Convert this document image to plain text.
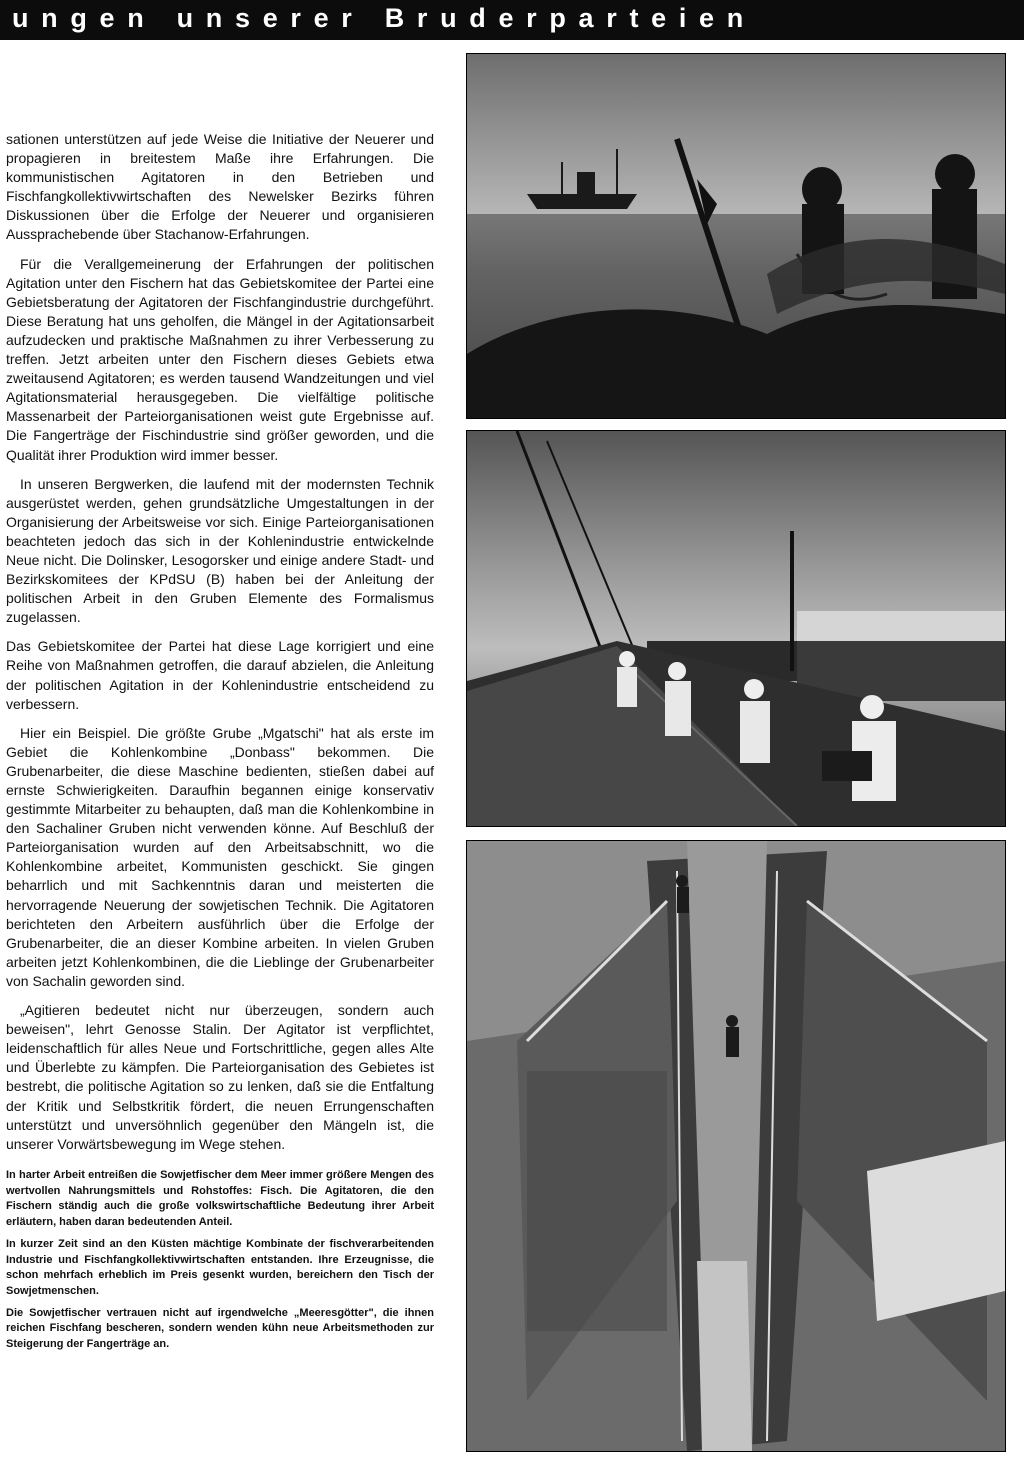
ungen unserer Bruderparteien

sationen unterstützen auf jede Weise die Initiative der Neuerer und propagieren in breitestem Maße ihre Erfahrungen. Die kommunistischen Agitatoren in den Betrieben und Fischfangkollektivwirtschaften des Newelsker Bezirks führen Diskussionen über die Erfolge der Neuerer und organisieren Aussprachebende über Stachanow-Erfahrungen.

Für die Verallgemeinerung der Erfahrungen der politischen Agitation unter den Fischern hat das Gebietskomitee der Partei eine Gebietsberatung der Agitatoren der Fischfangindustrie durchgeführt. Diese Beratung hat uns geholfen, die Mängel in der Agitationsarbeit aufzudecken und praktische Maßnahmen zu ihrer Verbesserung zu treffen. Jetzt arbeiten unter den Fischern dieses Gebiets etwa zweitausend Agitatoren; es werden tausend Wandzeitungen und viel Agitationsmaterial herausgegeben. Die vielfältige politische Massenarbeit der Parteiorganisationen weist gute Ergebnisse auf. Die Fangerträge der Fischindustrie sind größer geworden, und die Qualität ihrer Produktion wird immer besser.

In unseren Bergwerken, die laufend mit der modernsten Technik ausgerüstet werden, gehen grundsätzliche Umgestaltungen in der Organisierung der Arbeitsweise vor sich. Einige Parteiorganisationen beachteten jedoch das sich in der Kohlenindustrie entwickelnde Neue nicht. Die Dolinsker, Lesogorsker und einige andere Stadt- und Bezirkskomitees der KPdSU (B) haben bei der Anleitung der politischen Arbeit in den Gruben Elemente des Formalismus zugelassen.

Das Gebietskomitee der Partei hat diese Lage korrigiert und eine Reihe von Maßnahmen getroffen, die darauf abzielen, die Anleitung der politischen Agitation in der Kohlenindustrie entscheidend zu verbessern.

Hier ein Beispiel. Die größte Grube „Mgatschi" hat als erste im Gebiet die Kohlenkombine „Donbass" bekommen. Die Grubenarbeiter, die diese Maschine bedienten, stießen dabei auf ernste Schwierigkeiten. Daraufhin begannen einige konservativ gestimmte Mitarbeiter zu behaupten, daß man die Kohlenkombine in den Sachaliner Gruben nicht verwenden könne. Auf Beschluß der Parteiorganisation wurden auf den Arbeitsabschnitt, wo die Kohlenkombine arbeitet, Kommunisten geschickt. Sie gingen beharrlich und mit Sachkenntnis daran und meisterten die hervorragende Neuerung der sowjetischen Technik. Die Agitatoren berichteten den Arbeitern ausführlich über die Erfolge der Grubenarbeiter, die an dieser Kombine arbeiten. In vielen Gruben arbeiten jetzt Kohlenkombinen, die die Lieblinge der Grubenarbeiter von Sachalin geworden sind.

„Agitieren bedeutet nicht nur überzeugen, sondern auch beweisen", lehrt Genosse Stalin. Der Agitator ist verpflichtet, leidenschaftlich für alles Neue und Fortschrittliche, gegen alles Alte und Überlebte zu kämpfen. Die Parteiorganisation des Gebietes ist bestrebt, die politische Agitation so zu lenken, daß sie die Entfaltung der Kritik und Selbstkritik fördert, die neuen Errungenschaften unterstützt und unversöhnlich gegenüber den Mängeln ist, die unserer Vorwärtsbewegung im Wege stehen.

In harter Arbeit entreißen die Sowjetfischer dem Meer immer größere Mengen des wertvollen Nahrungsmittels und Rohstoffes: Fisch. Die Agitatoren, die den Fischern ständig auch die große volkswirtschaftliche Bedeutung ihrer Arbeit erläutern, haben daran bedeutenden Anteil.

In kurzer Zeit sind an den Küsten mächtige Kombinate der fischverarbeitenden Industrie und Fischfangkollektivwirtschaften entstanden. Ihre Erzeugnisse, die schon mehrfach erheblich im Preis gesenkt wurden, bereichern den Tisch der Sowjetmenschen.

Die Sowjetfischer vertrauen nicht auf irgendwelche „Meeresgötter", die ihnen reichen Fischfang bescheren, sondern wenden kühn neue Arbeitsmethoden zur Steigerung der Fangerträge an.
